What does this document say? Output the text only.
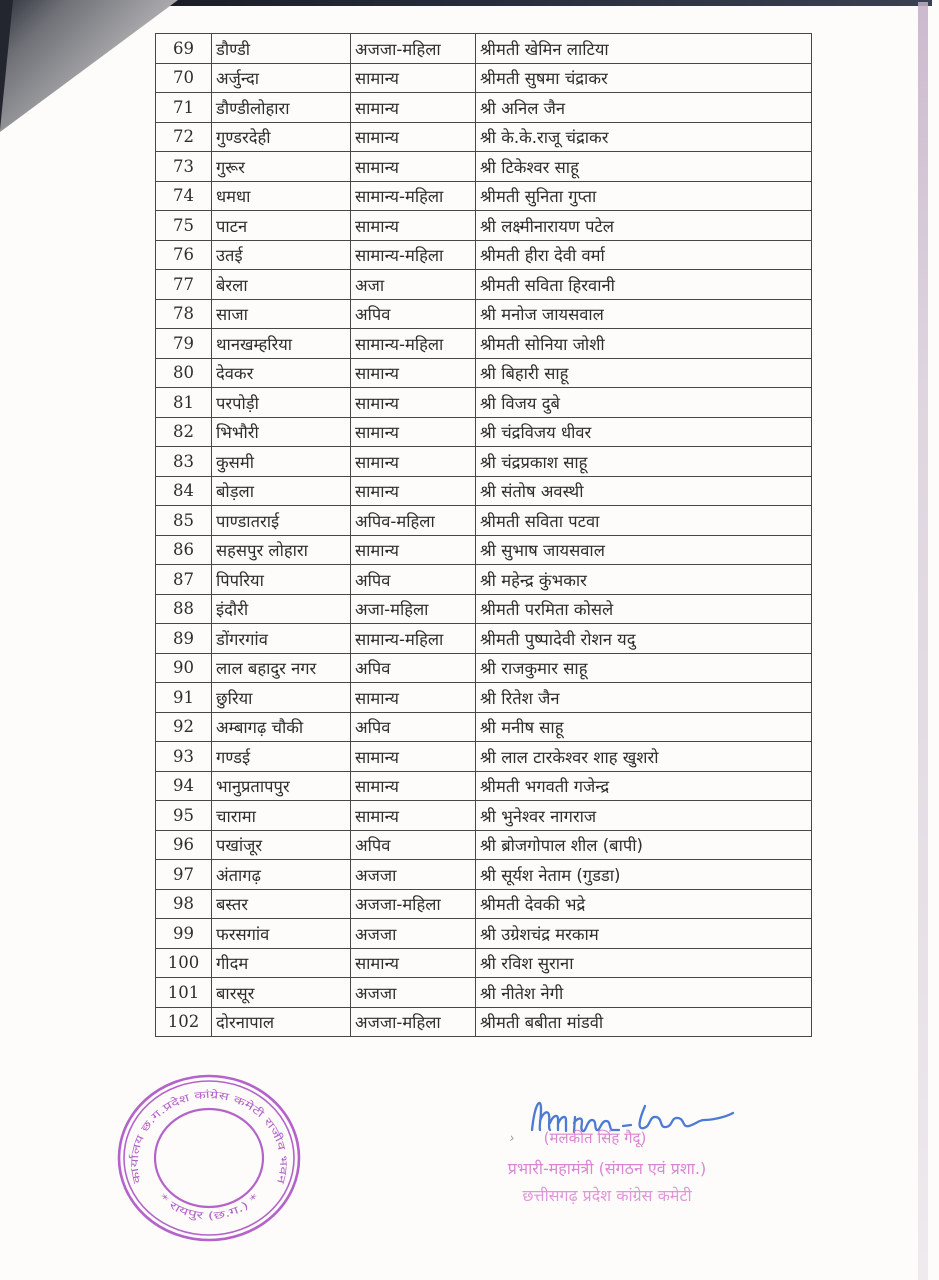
69	डौण्डी	अजजा-महिला	श्रीमती खेमिन लाटिया
70	अर्जुन्दा	सामान्य	श्रीमती सुषमा चंद्राकर
71	डौण्डीलोहारा	सामान्य	श्री अनिल जैन
72	गुण्डरदेही	सामान्य	श्री के.के.राजू चंद्राकर
73	गुरूर	सामान्य	श्री टिकेश्वर साहू
74	धमधा	सामान्य-महिला	श्रीमती सुनिता गुप्ता
75	पाटन	सामान्य	श्री लक्ष्मीनारायण पटेल
76	उतई	सामान्य-महिला	श्रीमती हीरा देवी वर्मा
77	बेरला	अजा	श्रीमती सविता हिरवानी
78	साजा	अपिव	श्री मनोज जायसवाल
79	थानखम्हरिया	सामान्य-महिला	श्रीमती सोनिया जोशी
80	देवकर	सामान्य	श्री बिहारी साहू
81	परपोड़ी	सामान्य	श्री विजय दुबे
82	भिभौरी	सामान्य	श्री चंद्रविजय धीवर
83	कुसमी	सामान्य	श्री चंद्रप्रकाश साहू
84	बोड़ला	सामान्य	श्री संतोष अवस्थी
85	पाण्डातराई	अपिव-महिला	श्रीमती सविता पटवा
86	सहसपुर लोहारा	सामान्य	श्री सुभाष जायसवाल
87	पिपरिया	अपिव	श्री महेन्द्र कुंभकार
88	इंदौरी	अजा-महिला	श्रीमती परमिता कोसले
89	डोंगरगांव	सामान्य-महिला	श्रीमती पुष्पादेवी रोशन यदु
90	लाल बहादुर नगर	अपिव	श्री राजकुमार साहू
91	छुरिया	सामान्य	श्री रितेश जैन
92	अम्बागढ़ चौकी	अपिव	श्री मनीष साहू
93	गण्डई	सामान्य	श्री लाल टारकेश्वर शाह खुशरो
94	भानुप्रतापपुर	सामान्य	श्रीमती भगवती गजेन्द्र
95	चारामा	सामान्य	श्री भुनेश्वर नागराज
96	पखांजूर	अपिव	श्री ब्रोजगोपाल शील (बापी)
97	अंतागढ़	अजजा	श्री सूर्यश नेताम (गुडडा)
98	बस्तर	अजजा-महिला	श्रीमती देवकी भद्रे
99	फरसगांव	अजजा	श्री उग्रेशचंद्र मरकाम
100	गीदम	सामान्य	श्री रविश सुराना
101	बारसूर	अजजा	श्री नीतेश नेगी
102	दोरनापाल	अजजा-महिला	श्रीमती बबीता मांडवी
कार्यालय छ.ग.प्रदेश कांग्रेस कमेटी राजीव भवन
* रायपुर (छ.ग.) *
›	(मलकीत सिंह गैदू)
प्रभारी-महामंत्री (संगठन एवं प्रशा.)
छत्तीसगढ़ प्रदेश कांग्रेस कमेटी
